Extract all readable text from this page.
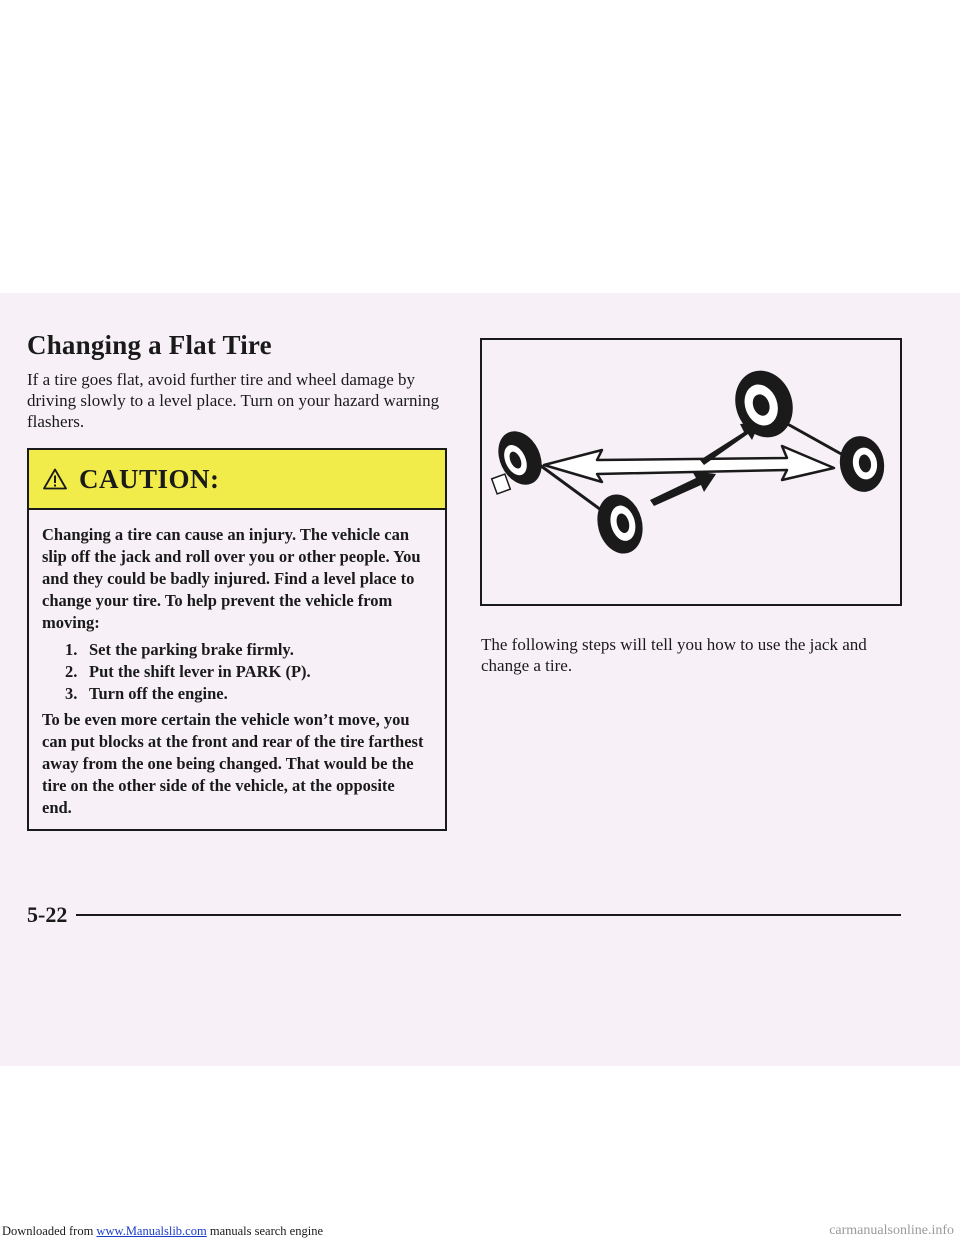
Changing a Flat Tire

If a tire goes flat, avoid further tire and wheel damage by driving slowly to a level place. Turn on your hazard warning flashers.

CAUTION:

Changing a tire can cause an injury. The vehicle can slip off the jack and roll over you or other people. You and they could be badly injured. Find a level place to change your tire. To help prevent the vehicle from moving:

1. Set the parking brake firmly.
2. Put the shift lever in PARK (P).
3. Turn off the engine.

To be even more certain the vehicle won’t move, you can put blocks at the front and rear of the tire farthest away from the one being changed. That would be the tire on the other side of the vehicle, at the opposite end.

The following steps will tell you how to use the jack and change a tire.

5-22

Downloaded from www.Manualslib.com manuals search engine	carmanualsonline.info
